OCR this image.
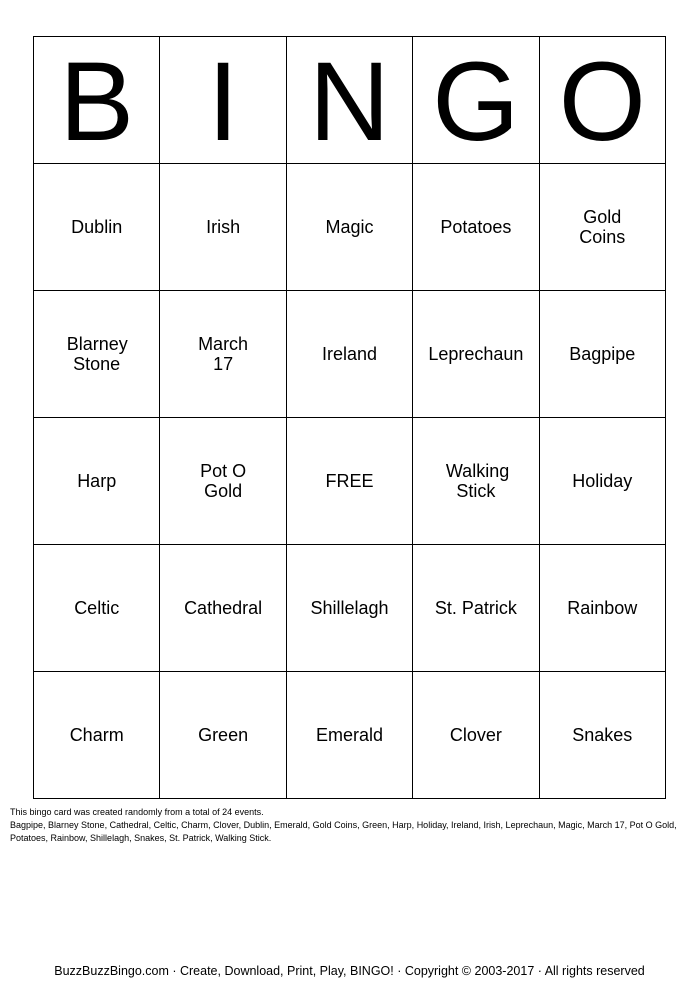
B	I	N	G	O

Dublin	Irish	Magic	Potatoes	Gold Coins
Blarney Stone	March 17	Ireland	Leprechaun	Bagpipe
Harp	Pot O Gold	FREE	Walking Stick	Holiday
Celtic	Cathedral	Shillelagh	St. Patrick	Rainbow
Charm	Green	Emerald	Clover	Snakes

This bingo card was created randomly from a total of 24 events.

Bagpipe, Blarney Stone, Cathedral, Celtic, Charm, Clover, Dublin, Emerald, Gold Coins, Green, Harp, Holiday, Ireland, Irish, Leprechaun, Magic, March 17, Pot O Gold, Potatoes, Rainbow, Shillelagh, Snakes, St. Patrick, Walking Stick.

BuzzBuzzBingo.com · Create, Download, Print, Play, BINGO! · Copyright © 2003-2017 · All rights reserved
